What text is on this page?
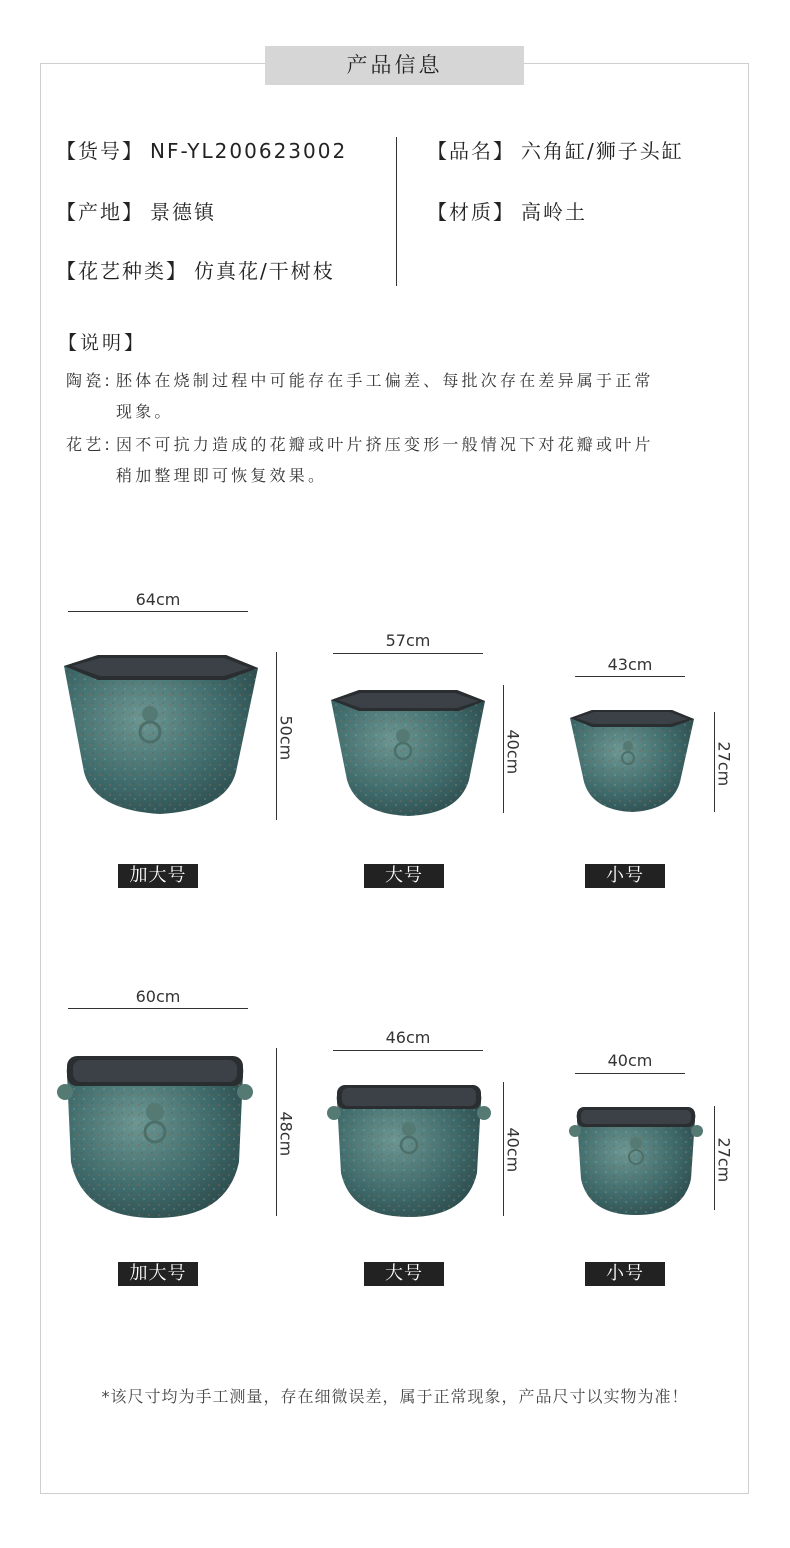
产品信息
【货号】 NF-YL200623002	【品名】 六角缸/狮子头缸
【产地】 景德镇	【材质】 高岭土
【花艺种类】 仿真花/干树枝
【说明】
陶瓷: 胚体在烧制过程中可能存在手工偏差、每批次存在差异属于正常
现象。
花艺: 因不可抗力造成的花瓣或叶片挤压变形一般情况下对花瓣或叶片
稍加整理即可恢复效果。
64cm
50cm
加大号
57cm
40cm
大号
43cm
27cm
小号
60cm
48cm
加大号
46cm
40cm
大号
40cm
27cm
小号
*该尺寸均为手工测量，存在细微误差，属于正常现象，产品尺寸以实物为准！
